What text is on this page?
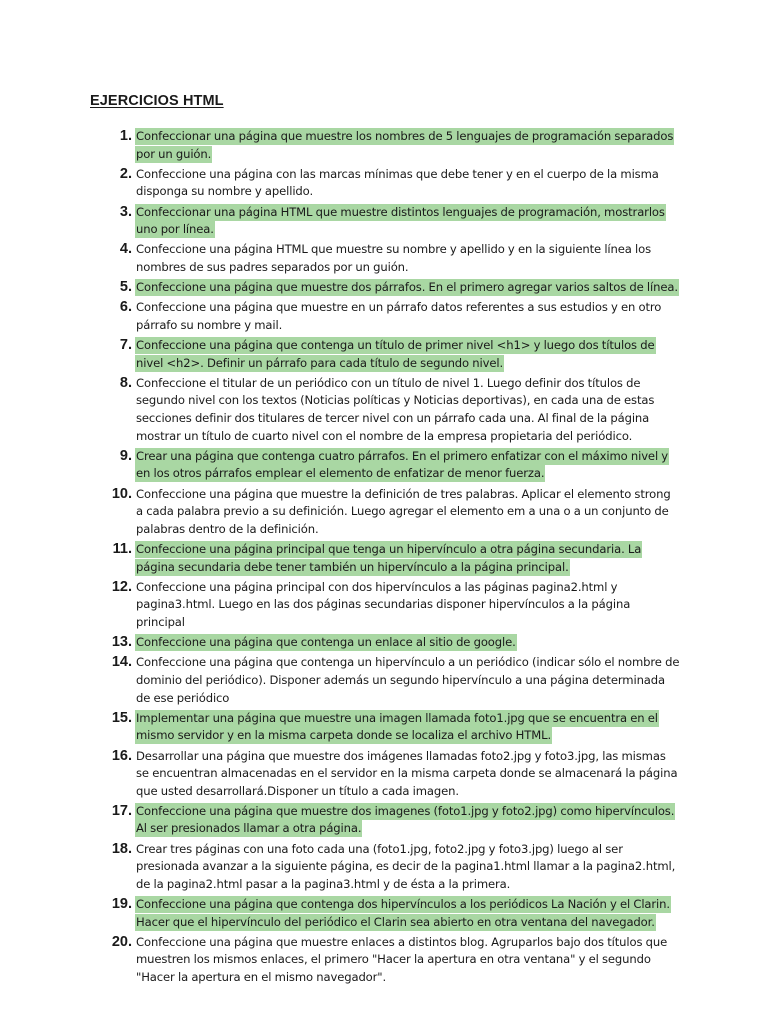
EJERCICIOS HTML
1. Confeccionar una página que muestre los nombres de 5 lenguajes de programación separados por un guión.
2. Confeccione una página con las marcas mínimas que debe tener y en el cuerpo de la misma disponga su nombre y apellido.
3. Confeccionar una página HTML que muestre distintos lenguajes de programación, mostrarlos uno por línea.
4. Confeccione una página HTML que muestre su nombre y apellido y en la siguiente línea los nombres de sus padres separados por un guión.
5. Confeccione una página que muestre dos párrafos. En el primero agregar varios saltos de línea.
6. Confeccione una página que muestre en un párrafo datos referentes a sus estudios y en otro párrafo su nombre y mail.
7. Confeccione una página que contenga un título de primer nivel <h1> y luego dos títulos de nivel <h2>. Definir un párrafo para cada título de segundo nivel.
8. Confeccione el titular de un periódico con un título de nivel 1. Luego definir dos títulos de segundo nivel con los textos (Noticias políticas y Noticias deportivas), en cada una de estas secciones definir dos titulares de tercer nivel con un párrafo cada una. Al final de la página mostrar un título de cuarto nivel con el nombre de la empresa propietaria del periódico.
9. Crear una página que contenga cuatro párrafos. En el primero enfatizar con el máximo nivel y en los otros párrafos emplear el elemento de enfatizar de menor fuerza.
10. Confeccione una página que muestre la definición de tres palabras. Aplicar el elemento strong a cada palabra previo a su definición. Luego agregar el elemento em a una o a un conjunto de palabras dentro de la definición.
11. Confeccione una página principal que tenga un hipervínculo a otra página secundaria. La página secundaria debe tener también un hipervínculo a la página principal.
12. Confeccione una página principal con dos hipervínculos a las páginas pagina2.html y pagina3.html. Luego en las dos páginas secundarias disponer hipervínculos a la página principal
13. Confeccione una página que contenga un enlace al sitio de google.
14. Confeccione una página que contenga un hipervínculo a un periódico (indicar sólo el nombre de dominio del periódico). Disponer además un segundo hipervínculo a una página determinada de ese periódico
15. Implementar una página que muestre una imagen llamada foto1.jpg que se encuentra en el mismo servidor y en la misma carpeta donde se localiza el archivo HTML.
16. Desarrollar una página que muestre dos imágenes llamadas foto2.jpg y foto3.jpg, las mismas se encuentran almacenadas en el servidor en la misma carpeta donde se almacenará la página que usted desarrollará.Disponer un título a cada imagen.
17. Confeccione una página que muestre dos imagenes (foto1.jpg y foto2.jpg) como hipervínculos. Al ser presionados llamar a otra página.
18. Crear tres páginas con una foto cada una (foto1.jpg, foto2.jpg y foto3.jpg) luego al ser presionada avanzar a la siguiente página, es decir de la pagina1.html llamar a la pagina2.html, de la pagina2.html pasar a la pagina3.html y de ésta a la primera.
19. Confeccione una página que contenga dos hipervínculos a los periódicos La Nación y el Clarin. Hacer que el hipervínculo del periódico el Clarin sea abierto en otra ventana del navegador.
20. Confeccione una página que muestre enlaces a distintos blog. Agruparlos bajo dos títulos que muestren los mismos enlaces, el primero "Hacer la apertura en otra ventana" y el segundo "Hacer la apertura en el mismo navegador".
